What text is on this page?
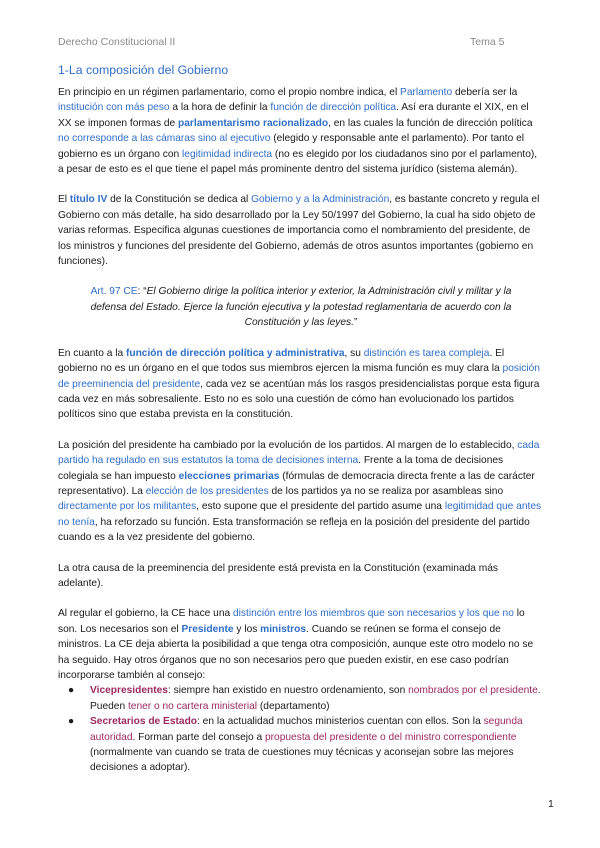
Derecho Constitucional II	Tema 5
1-La composición del Gobierno

En principio en un régimen parlamentario, como el propio nombre indica, el Parlamento debería ser la institución con más peso a la hora de definir la función de dirección política. Así era durante el XIX, en el XX se imponen formas de parlamentarismo racionalizado, en las cuales la función de dirección política no corresponde a las cámaras sino al ejecutivo (elegido y responsable ante el parlamento). Por tanto el gobierno es un órgano con legitimidad indirecta (no es elegido por los ciudadanos sino por el parlamento), a pesar de esto es el que tiene el papel más prominente dentro del sistema jurídico (sistema alemán).

El título IV de la Constitución se dedica al Gobierno y a la Administración, es bastante concreto y regula el Gobierno con más detalle, ha sido desarrollado por la Ley 50/1997 del Gobierno, la cual ha sido objeto de varias reformas. Especifica algunas cuestiones de importancia como el nombramiento del presidente, de los ministros y funciones del presidente del Gobierno, además de otros asuntos importantes (gobierno en funciones).

Art. 97 CE: “El Gobierno dirige la política interior y exterior, la Administración civil y militar y la defensa del Estado. Ejerce la función ejecutiva y la potestad reglamentaria de acuerdo con la Constitución y las leyes.”

En cuanto a la función de dirección política y administrativa, su distinción es tarea compleja. El gobierno no es un órgano en el que todos sus miembros ejercen la misma función es muy clara la posición de preeminencia del presidente, cada vez se acentúan más los rasgos presidencialistas porque esta figura cada vez en más sobresaliente. Esto no es solo una cuestión de cómo han evolucionado los partidos políticos sino que estaba prevista en la constitución.

La posición del presidente ha cambiado por la evolución de los partidos. Al margen de lo establecido, cada partido ha regulado en sus estatutos la toma de decisiones interna. Frente a la toma de decisiones colegiala se han impuesto elecciones primarias (fórmulas de democracia directa frente a las de carácter representativo). La elección de los presidentes de los partidos ya no se realiza por asambleas sino directamente por los militantes, esto supone que el presidente del partido asume una legitimidad que antes no tenía, ha reforzado su función. Esta transformación se refleja en la posición del presidente del partido cuando es a la vez presidente del gobierno.

La otra causa de la preeminencia del presidente está prevista en la Constitución (examinada más adelante).

Al regular el gobierno, la CE hace una distinción entre los miembros que son necesarios y los que no lo son. Los necesarios son el Presidente y los ministros. Cuando se reúnen se forma el consejo de ministros. La CE deja abierta la posibilidad a que tenga otra composición, aunque este otro modelo no se ha seguido. Hay otros órganos que no son necesarios pero que pueden existir, en ese caso podrían incorporarse también al consejo:

● Vicepresidentes: siempre han existido en nuestro ordenamiento, son nombrados por el presidente. Pueden tener o no cartera ministerial (departamento)
● Secretarios de Estado: en la actualidad muchos ministerios cuentan con ellos. Son la segunda autoridad. Forman parte del consejo a propuesta del presidente o del ministro correspondiente (normalmente van cuando se trata de cuestiones muy técnicas y aconsejan sobre las mejores decisiones a adoptar).
1
